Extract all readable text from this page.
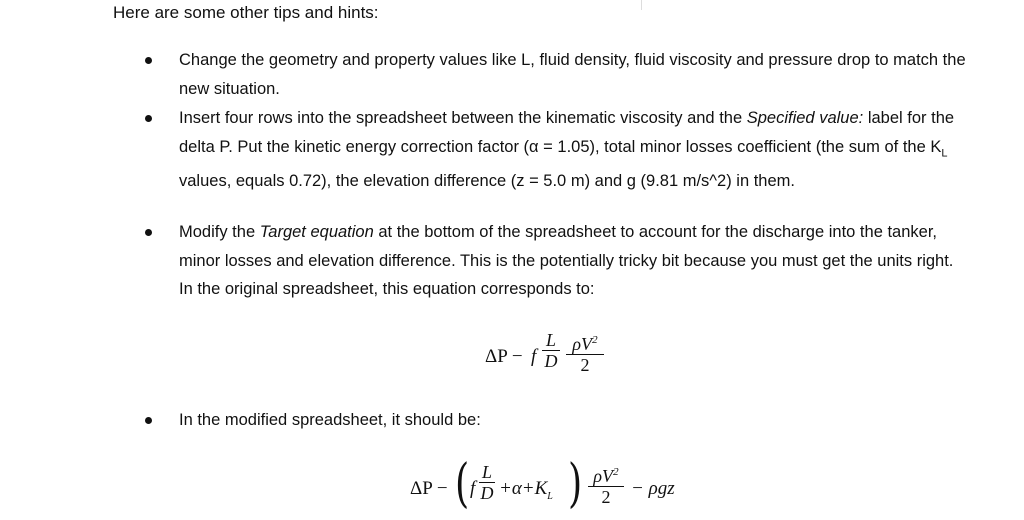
Here are some other tips and hints:
Change the geometry and property values like L, fluid density, fluid viscosity and pressure drop to match the new situation.
Insert four rows into the spreadsheet between the kinematic viscosity and the Specified value: label for the delta P. Put the kinetic energy correction factor (α = 1.05), total minor losses coefficient (the sum of the $K_L$ values, equals 0.72), the elevation difference (z = 5.0 m) and g (9.81 m/s^2) in them.
Modify the Target equation at the bottom of the spreadsheet to account for the discharge into the tanker, minor losses and elevation difference. This is the potentially tricky bit because you must get the units right. In the original spreadsheet, this equation corresponds to:
In the modified spreadsheet, it should be:
ΔP − f $\frac{L}{D} \frac{\rho V^2}{2}$
ΔP − ( f $\frac{L}{D} +\alpha+K_L$ ) $\frac{\rho V^2}{2} - \rho gz$
